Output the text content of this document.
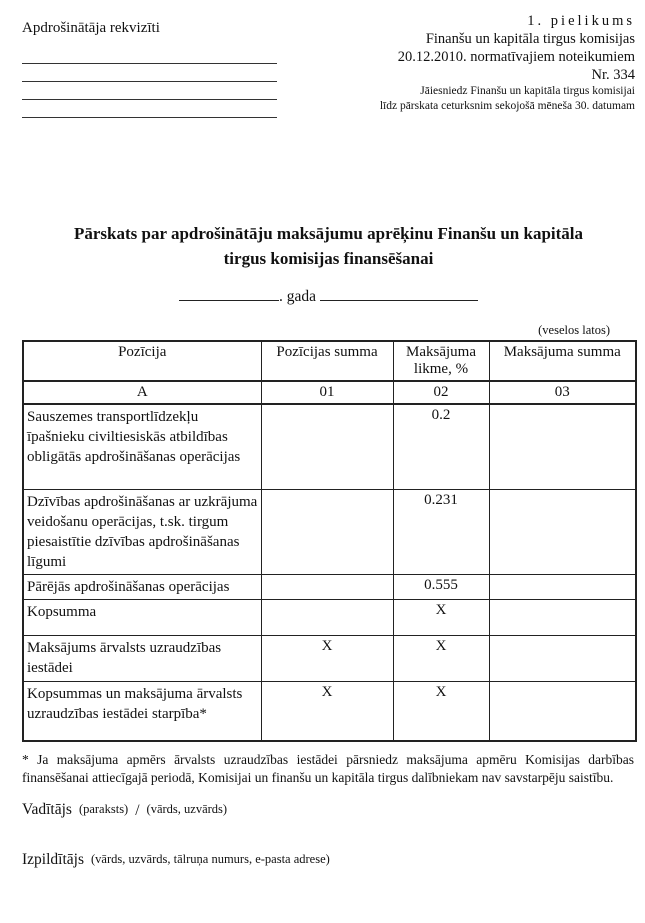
Apdrošinātāja rekvizīti	1. pielikums
Finanšu un kapitāla tirgus komisijas
20.12.2010. normatīvajiem noteikumiem
Nr. 334
Jāiesniedz Finanšu un kapitāla tirgus komisijai
līdz pārskata ceturksnim sekojošā mēneša 30. datumam
Pārskats par apdrošinātāju maksājumu aprēķinu Finanšu un kapitāla tirgus komisijas finansēšanai
. gada
(veselos latos)
Pozīcija	Pozīcijas summa	Maksājuma likme, %	Maksājuma summa
A	01	02	03
Sauszemes transportlīdzekļu īpašnieku civiltiesiskās atbildības obligātās apdrošināšanas operācijas		0.2	
Dzīvības apdrošināšanas ar uzkrājuma veidošanu operācijas, t.sk. tirgum piesaistītie dzīvības apdrošināšanas līgumi		0.231	
Pārējās apdrošināšanas operācijas		0.555	
Kopsumma		X	
Maksājums ārvalsts uzraudzības iestādei	X	X	
Kopsummas un maksājuma ārvalsts uzraudzības iestādei starpība*	X	X	
* Ja maksājuma apmērs ārvalsts uzraudzības iestādei pārsniedz maksājuma apmēru Komisijas darbības finansēšanai attiecīgajā periodā, Komisijai un finanšu un kapitāla tirgus dalībniekam nav savstarpēju saistību.
Vadītājs (paraksts) / (vārds, uzvārds)
Izpildītājs (vārds, uzvārds, tālruņa numurs, e-pasta adrese)
